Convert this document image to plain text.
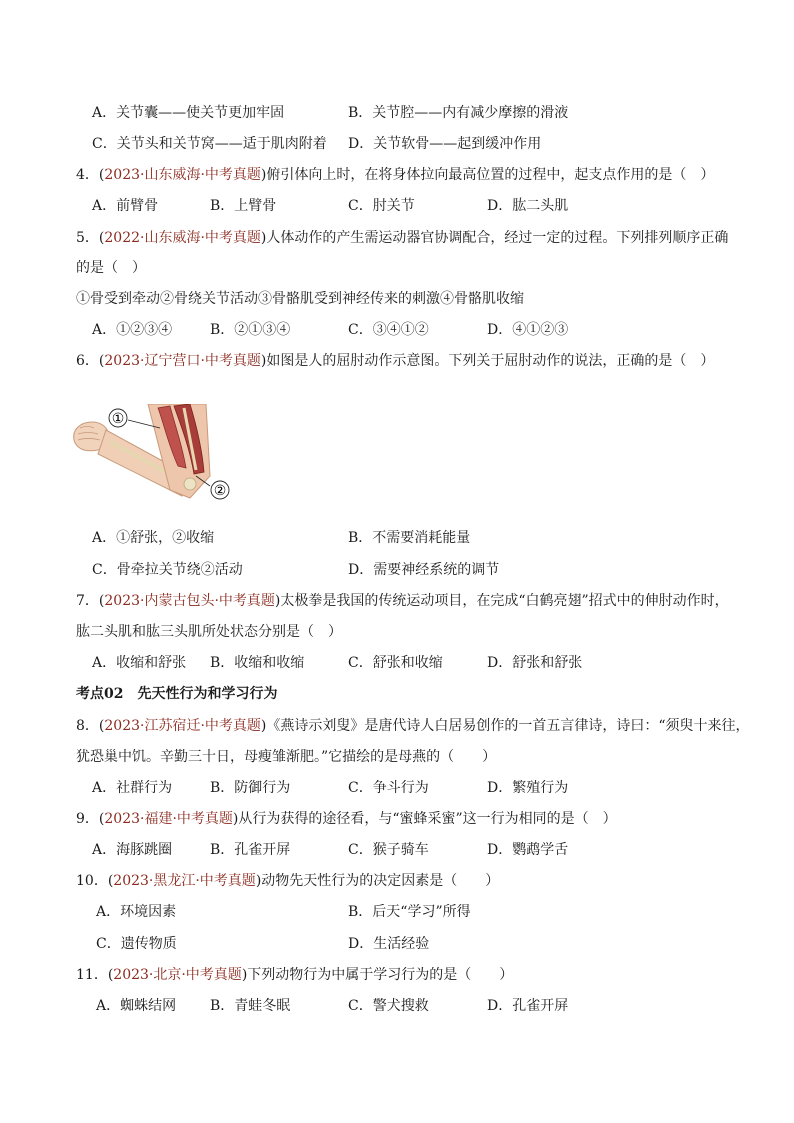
A．关节囊——使关节更加牢固	B．关节腔——内有减少摩擦的滑液
C．关节头和关节窝——适于肌肉附着 D．关节软骨——起到缓冲作用
4．(2023·山东威海·中考真题)俯引体向上时，在将身体拉向最高位置的过程中，起支点作用的是（　）
A．前臂骨	B．上臂骨	C．肘关节	D．肱二头肌
5．(2022·山东威海·中考真题)人体动作的产生需运动器官协调配合，经过一定的过程。下列排列顺序正确
的是（　）
①骨受到牵动②骨绕关节活动③骨骼肌受到神经传来的刺激④骨骼肌收缩
A．①②③④	B．②①③④	C．③④①②	D．④①②③
6．(2023·辽宁营口·中考真题)如图是人的屈肘动作示意图。下列关于屈肘动作的说法，正确的是（　）
①
②
A．①舒张，②收缩	B．不需要消耗能量
C．骨牵拉关节绕②活动	D．需要神经系统的调节
7．(2023·内蒙古包头·中考真题)太极拳是我国的传统运动项目，在完成“白鹤亮翅”招式中的伸肘动作时，
肱二头肌和肱三头肌所处状态分别是（　）
A．收缩和舒张 B．收缩和收缩	C．舒张和收缩	D．舒张和舒张
考点02　先天性行为和学习行为
8．(2023·江苏宿迁·中考真题)《燕诗示刘叟》是唐代诗人白居易创作的一首五言律诗，诗曰：“须臾十来往，
犹恐巢中饥。辛勤三十日，母瘦雏渐肥。”它描绘的是母燕的（　　）
A．社群行为	B．防御行为	C．争斗行为	D．繁殖行为
9．(2023·福建·中考真题)从行为获得的途径看，与“蜜蜂采蜜”这一行为相同的是（　）
A．海豚跳圈	B．孔雀开屏	C．猴子骑车	D．鹦鹉学舌
10．(2023·黑龙江·中考真题)动物先天性行为的决定因素是（　　）
A．环境因素	B．后天“学习”所得
C．遗传物质	D．生活经验
11．(2023·北京·中考真题)下列动物行为中属于学习行为的是（　　）
A．蜘蛛结网 B．青蛙冬眠	C．警犬搜救	D．孔雀开屏
